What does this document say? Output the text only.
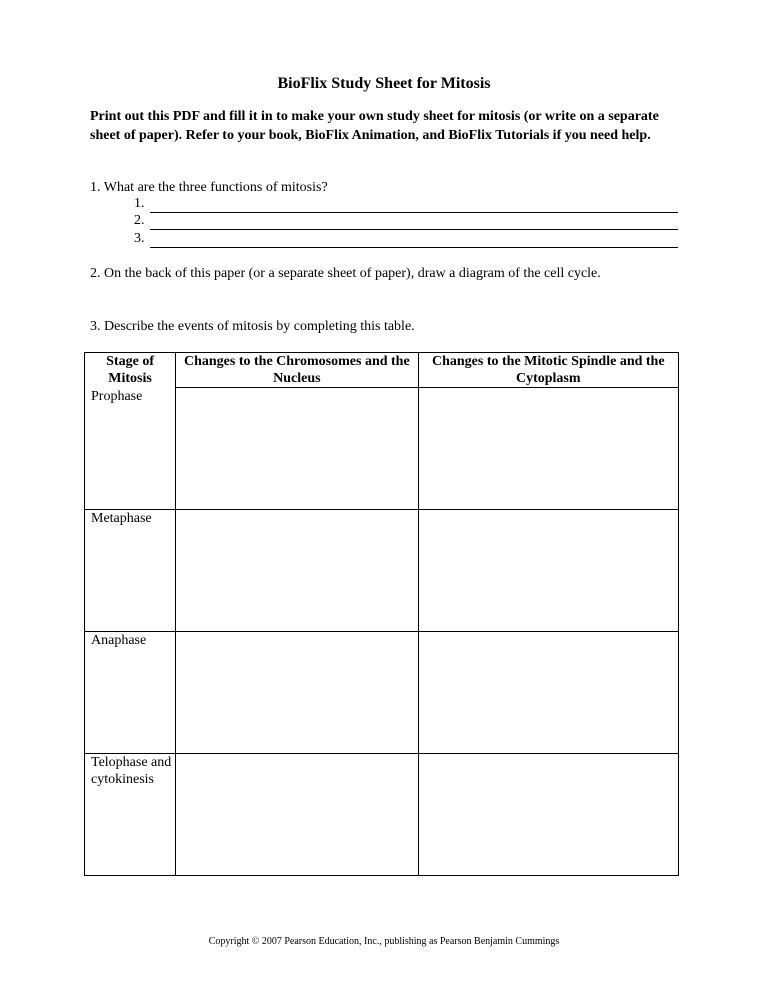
BioFlix Study Sheet for Mitosis
Print out this PDF and fill it in to make your own study sheet for mitosis (or write on a separate sheet of paper). Refer to your book, BioFlix Animation, and BioFlix Tutorials if you need help.
1. What are the three functions of mitosis?
1.
2.
3.
2. On the back of this paper (or a separate sheet of paper), draw a diagram of the cell cycle.
3. Describe the events of mitosis by completing this table.
Stage of Mitosis	Changes to the Chromosomes and the Nucleus	Changes to the Mitotic Spindle and the Cytoplasm
Prophase		
Metaphase		
Anaphase		
Telophase and cytokinesis		
Copyright © 2007 Pearson Education, Inc., publishing as Pearson Benjamin Cummings
